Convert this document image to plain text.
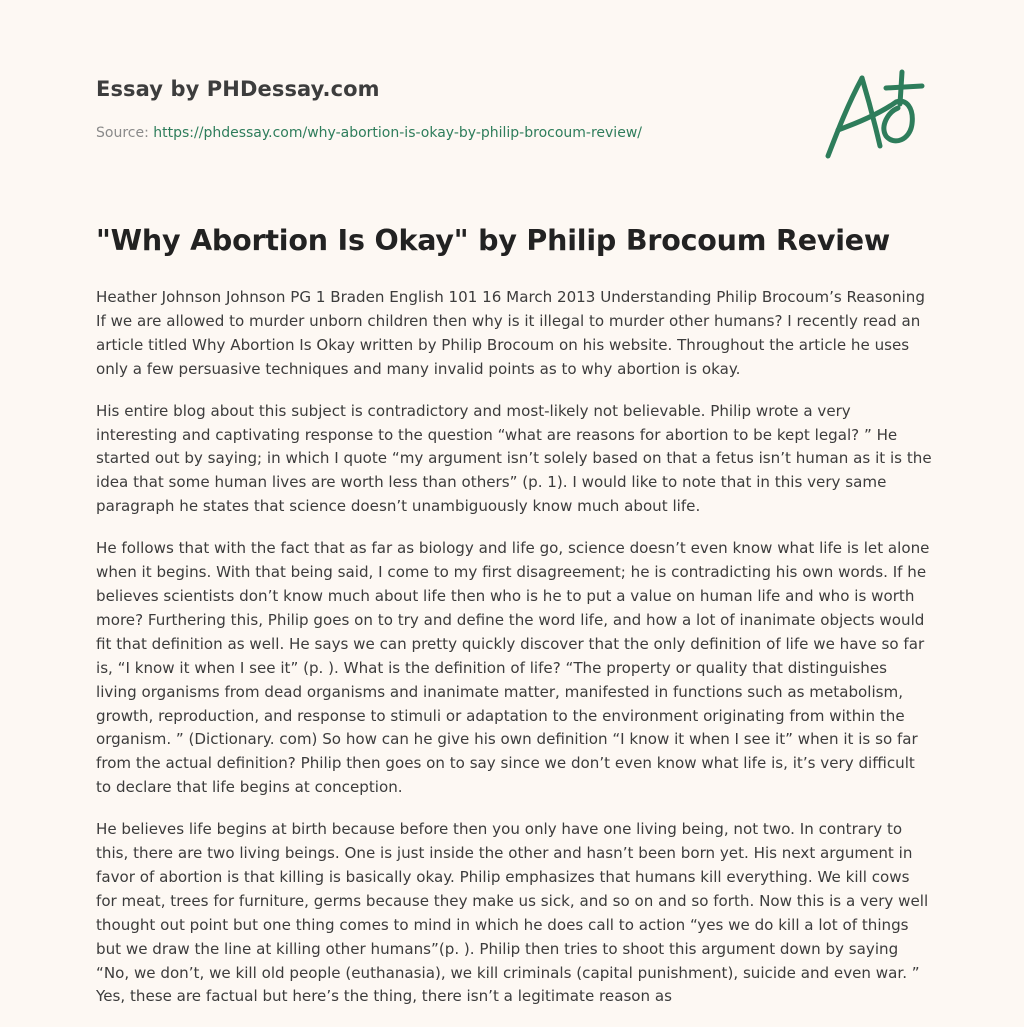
Essay by PHDessay.com
Source: https://phdessay.com/why-abortion-is-okay-by-philip-brocoum-review/
"Why Abortion Is Okay" by Philip Brocoum Review

Heather Johnson Johnson PG 1 Braden English 101 16 March 2013 Understanding Philip Brocoum’s Reasoning If we are allowed to murder unborn children then why is it illegal to murder other humans? I recently read an article titled Why Abortion Is Okay written by Philip Brocoum on his website. Throughout the article he uses only a few persuasive techniques and many invalid points as to why abortion is okay.

His entire blog about this subject is contradictory and most-likely not believable. Philip wrote a very interesting and captivating response to the question “what are reasons for abortion to be kept legal? ” He started out by saying; in which I quote “my argument isn’t solely based on that a fetus isn’t human as it is the idea that some human lives are worth less than others” (p. 1). I would like to note that in this very same paragraph he states that science doesn’t unambiguously know much about life.

He follows that with the fact that as far as biology and life go, science doesn’t even know what life is let alone when it begins. With that being said, I come to my first disagreement; he is contradicting his own words. If he believes scientists don’t know much about life then who is he to put a value on human life and who is worth more? Furthering this, Philip goes on to try and define the word life, and how a lot of inanimate objects would fit that definition as well. He says we can pretty quickly discover that the only definition of life we have so far is, “I know it when I see it” (p. ). What is the definition of life? “The property or quality that distinguishes living organisms from dead organisms and inanimate matter, manifested in functions such as metabolism, growth, reproduction, and response to stimuli or adaptation to the environment originating from within the organism. ” (Dictionary. com) So how can he give his own definition “I know it when I see it” when it is so far from the actual definition? Philip then goes on to say since we don’t even know what life is, it’s very difficult to declare that life begins at conception.

He believes life begins at birth because before then you only have one living being, not two. In contrary to this, there are two living beings. One is just inside the other and hasn’t been born yet. His next argument in favor of abortion is that killing is basically okay. Philip emphasizes that humans kill everything. We kill cows for meat, trees for furniture, germs because they make us sick, and so on and so forth. Now this is a very well thought out point but one thing comes to mind in which he does call to action “yes we do kill a lot of things but we draw the line at killing other humans”(p. ). Philip then tries to shoot this argument down by saying “No, we don’t, we kill old people (euthanasia), we kill criminals (capital punishment), suicide and even war. ” Yes, these are factual but here’s the thing, there isn’t a legitimate reason as
